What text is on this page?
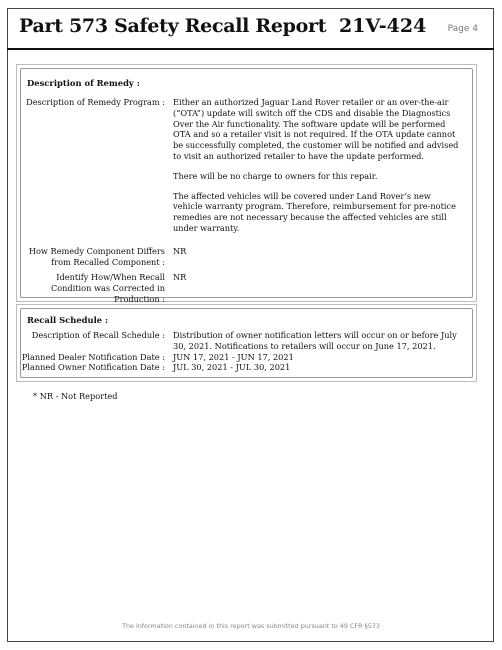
Part 573 Safety Recall Report 21V-424 Page 4
Description of Remedy :
Description of Remedy Program : Either an authorized Jaguar Land Rover retailer or an over-the-air (“OTA”) update will switch off the CDS and disable the Diagnostics Over the Air functionality. The software update will be performed OTA and so a retailer visit is not required. If the OTA update cannot be successfully completed, the customer will be notified and advised to visit an authorized retailer to have the update performed.

There will be no charge to owners for this repair.

The affected vehicles will be covered under Land Rover’s new vehicle warranty program. Therefore, reimbursement for pre-notice remedies are not necessary because the affected vehicles are still under warranty.

How Remedy Component Differs from Recalled Component :
NR
Identify How/When Recall Condition was Corrected in Production :
NR
Recall Schedule :
Description of Recall Schedule : Distribution of owner notification letters will occur on or before July 30, 2021. Notifications to retailers will occur on June 17, 2021.
Planned Dealer Notification Date : JUN 17, 2021 - JUN 17, 2021
Planned Owner Notification Date : JUL 30, 2021 - JUL 30, 2021
* NR - Not Reported
The information contained in this report was submitted pursuant to 49 CFR §573
